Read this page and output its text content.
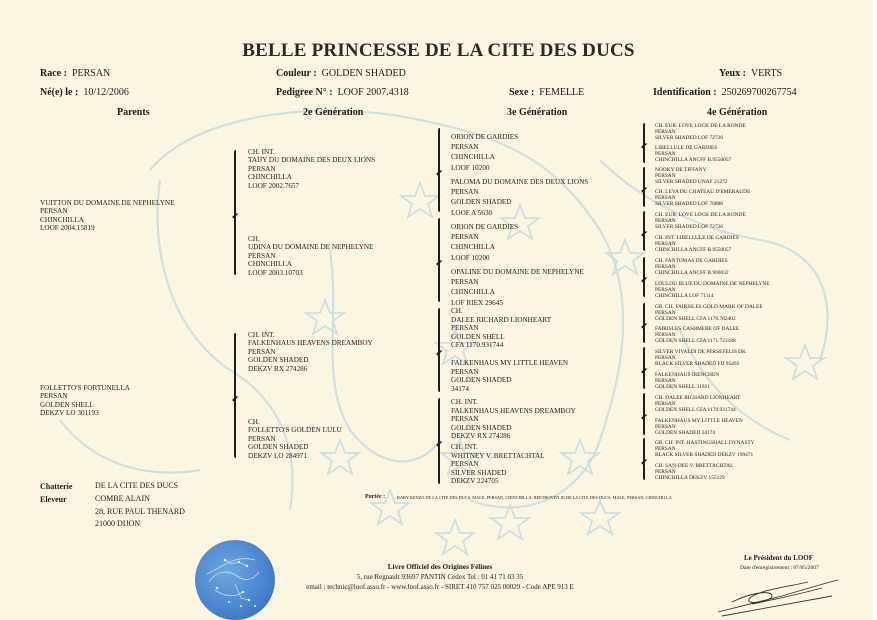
BELLE PRINCESSE DE LA CITE DES DUCS
Race : PERSAN	Couleur : GOLDEN SHADED	Yeux : VERTS
Né(e) le : 10/12/2006	Pedigree N° : LOOF 2007.4318	Sexe : FEMELLE	Identification : 250269700267754
Parents	2e Génération	3e Génération	4e Génération
VUITTON DU DOMAINE DE NEPHELYNE
PERSAN
CHINCHILLA
LOOF 2004.15819
FOLLETTO'S FORTUNELLA
PERSAN
GOLDEN SHELL
DEKZV LO 301193
CH. INT.
TAÏJY DU DOMAINE DES DEUX LIONS
PERSAN
CHINCHILLA
LOOF 2002.7657
CH.
UDINA DU DOMAINE DE NEPHELYNE
PERSAN
CHINCHILLA
LOOF 2003.10703
CH. INT.
FALKENHAUS HEAVENS DREAMBOY
PERSAN
GOLDEN SHADED
DEKZV RX 274286
CH.
FOLLETTO'S GOLDEN LULU
PERSAN
GOLDEN SHADED
DEKZV LO 284971
ORION DE GARDIES
PERSAN
CHINCHILLA
LOOF 10200
PALOMA DU DOMAINE DES DEUX LIONS
PERSAN
GOLDEN SHADED
LOOF A 5630
ORION DE GARDIES
PERSAN
CHINCHILLA
LOOF 10200
OPALINE DU DOMAINE DE NEPHELYNE
PERSAN
CHINCHILLA
LOF RIEX 29645
CH.
DALEE RICHARD LIONHEART
PERSAN
GOLDEN SHELL
CFA 1170.931744
FALKENHAUS MY LITTLE HEAVEN
PERSAN
GOLDEN SHADED
34174
CH. INT.
FALKENHAUS HEAVENS DREAMBOY
PERSAN
GOLDEN SHADED
DEKZV RX 274286
CH. INT.
WHITNEY V. BRETTACHTAL
PERSAN
SILVER SHADED
DEKZV 224705
CH. EUR. LOVE LOCK DE LA RONDE
PERSAN
SILVER SHADED LOF 72726
LIBELLULE DE GARDIES
PERSAN
CHINCHILLA ANCFF B.9550057
NOOKY DE TIFFANY
PERSAN
SILVER SHADED UNAF 21272
CH. LEVA DU CHATEAU D'EMERAUDE
PERSAN
SILVER SHADED LOF 70888
CH. EUR. LOVE LOCK DE LA RONDE
PERSAN
SILVER SHADED LOF 72726
CH. INT. LIBELLULE DE GARDIES
PERSAN
CHINCHILLA ANCFF B.9550057
CH. FANTOMAS DE GARDIES
PERSAN
CHINCHILLA ANCFF B.900032
LOULOU BLUE DU DOMAINE DE NEPHELYNE
PERSAN
CHINCHILLA LOF 71114
GR. CH. FAIRISLES GOLD MARK OF DALEE
PERSAN
GOLDEN SHELL CFA 1170.782402
FAIRISLES CASHMERE OF DALEE
PERSAN
GOLDEN SHELL CFA 1171.723188
SILVER VIVALDI DE PERSEFELIS DK
PERSAN
BLACK SILVER SHADED FD 95492
FALKENHAUS IRENCHEN
PERSAN
GOLDEN SHELL 31921
CH. DALEE RICHARD LIONHEART
PERSAN
GOLDEN SHELL CFA 1170.931744
FALKENHAUS MY LITTLE HEAVEN
PERSAN
GOLDEN SHADED 34174
GR. CH. INT. HASTINGSHALL DYNASTY
PERSAN
BLACK SILVER SHADED DEKZV 199471
CH. SAN-DEE V. BRETTACHTAL
PERSAN
CHINCHILLA DEKZV 155129
Chatterie	DE LA CITE DES DUCS
Eleveur	COMBE ALAIN
28, RUE PAUL THENARD
21000 DIJON
Portée :	BABY KENZO DE LA CITE DES DUCS, MALE, PERSAN, CHINCHILLA, BEETHOVEN III DE LA CITE DES DUCS, MALE, PERSAN, CHINCHILLA
Livre Officiel des Origines Félines
5, rue Regnault 93697 PANTIN Cedex Tel : 01 41 71 03 35
email : technic@loof.asso.fr - www.loof.asso.fr - SIRET 410 757 025 00029 - Code APE 913 E
Le Président du LOOF
Date d'enregistrement : 07/05/2007
